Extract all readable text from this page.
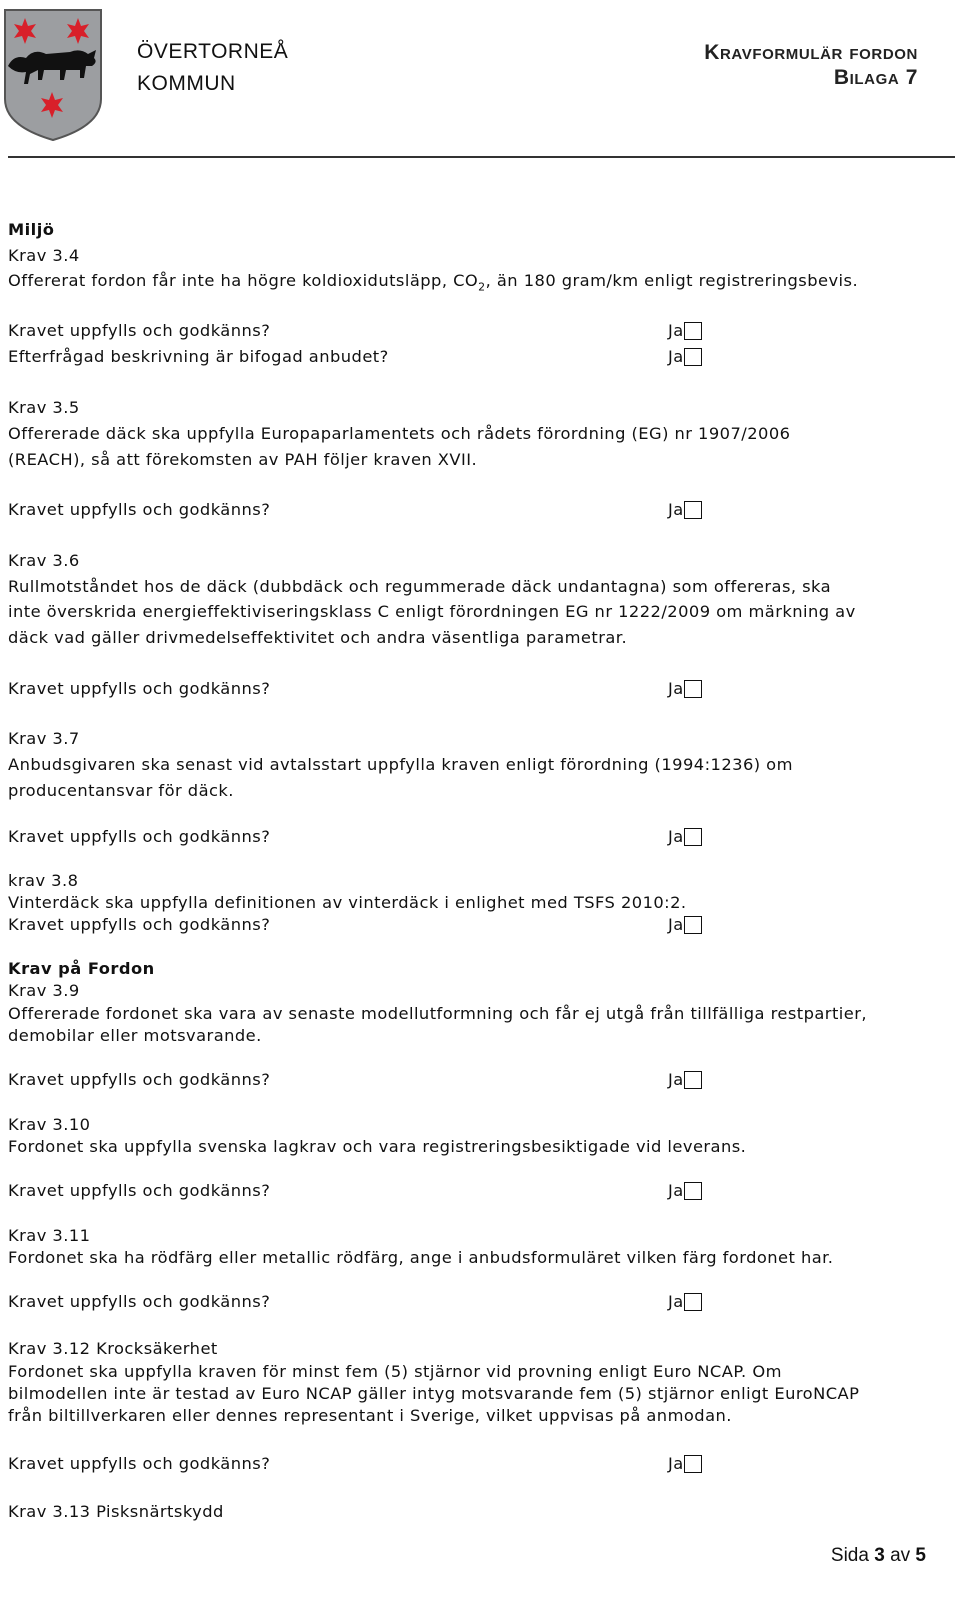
ÖVERTORNEÅ
KOMMUN
Kravformulär fordon
Bilaga 7
Miljö
Krav 3.4
Offererat fordon får inte ha högre koldioxidutsläpp, $CO_2$, än 180 gram/km enligt registreringsbevis.
Kravet uppfylls och godkänns?	Ja
Efterfrågad beskrivning är bifogad anbudet?	Ja
Krav 3.5
Offererade däck ska uppfylla Europaparlamentets och rådets förordning (EG) nr 1907/2006
(REACH), så att förekomsten av PAH följer kraven XVII.
Kravet uppfylls och godkänns?	Ja
Krav 3.6
Rullmotståndet hos de däck (dubbdäck och regummerade däck undantagna) som offereras, ska
inte överskrida energieffektiviseringsklass C enligt förordningen EG nr 1222/2009 om märkning av
däck vad gäller drivmedelseffektivitet och andra väsentliga parametrar.
Kravet uppfylls och godkänns?	Ja
Krav 3.7
Anbudsgivaren ska senast vid avtalsstart uppfylla kraven enligt förordning (1994:1236) om
producentansvar för däck.
Kravet uppfylls och godkänns?	Ja
krav 3.8
Vinterdäck ska uppfylla definitionen av vinterdäck i enlighet med TSFS 2010:2.
Kravet uppfylls och godkänns?	Ja
Krav på Fordon
Krav 3.9
Offererade fordonet ska vara av senaste modellutformning och får ej utgå från tillfälliga restpartier,
demobilar eller motsvarande.
Kravet uppfylls och godkänns?	Ja
Krav 3.10
Fordonet ska uppfylla svenska lagkrav och vara registreringsbesiktigade vid leverans.
Kravet uppfylls och godkänns?	Ja
Krav 3.11
Fordonet ska ha rödfärg eller metallic rödfärg, ange i anbudsformuläret vilken färg fordonet har.
Kravet uppfylls och godkänns?	Ja
Krav 3.12 Krocksäkerhet
Fordonet ska uppfylla kraven för minst fem (5) stjärnor vid provning enligt Euro NCAP. Om
bilmodellen inte är testad av Euro NCAP gäller intyg motsvarande fem (5) stjärnor enligt EuroNCAP
från biltillverkaren eller dennes representant i Sverige, vilket uppvisas på anmodan.
Kravet uppfylls och godkänns?	Ja
Krav 3.13 Pisksnärtskydd
Sida 3 av 5
